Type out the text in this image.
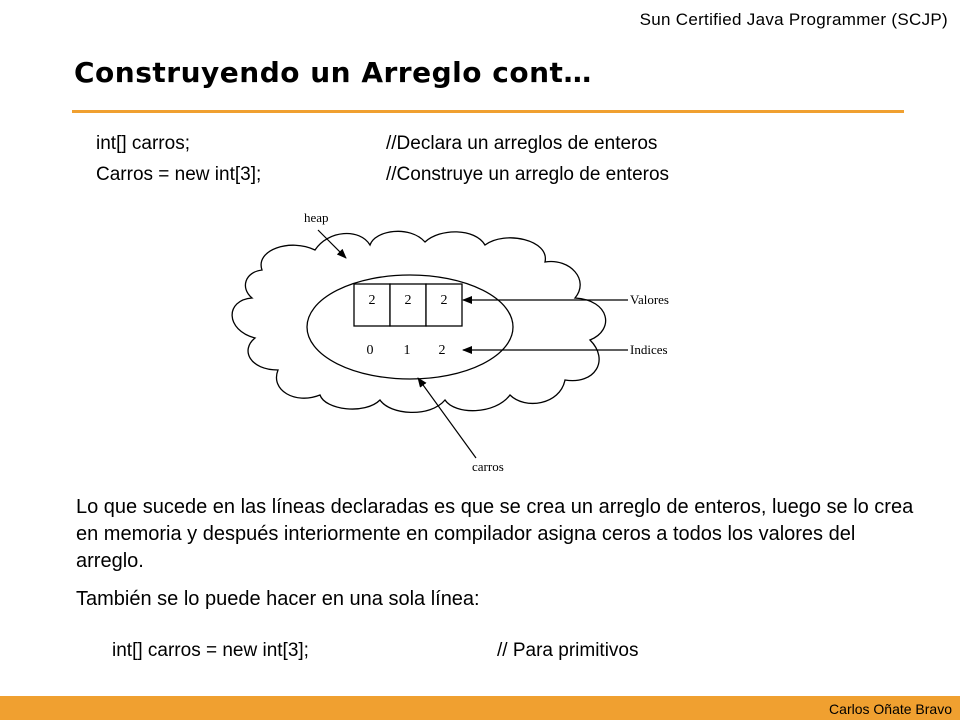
Sun Certified Java Programmer (SCJP)
Construyendo un Arreglo cont…
int[] carros;	//Declara un arreglos de enteros
Carros = new int[3];	//Construye un arreglo de enteros
2 2 2
0 1 2
heap
Valores
Indices
carros

Lo que sucede en las líneas declaradas es que se crea un arreglo de enteros, luego se lo crea en memoria y después interiormente en compilador asigna ceros a todos los valores del arreglo.

También se lo puede hacer en una sola línea:

int[] carros = new int[3];	// Para primitivos
Carlos Oñate Bravo
